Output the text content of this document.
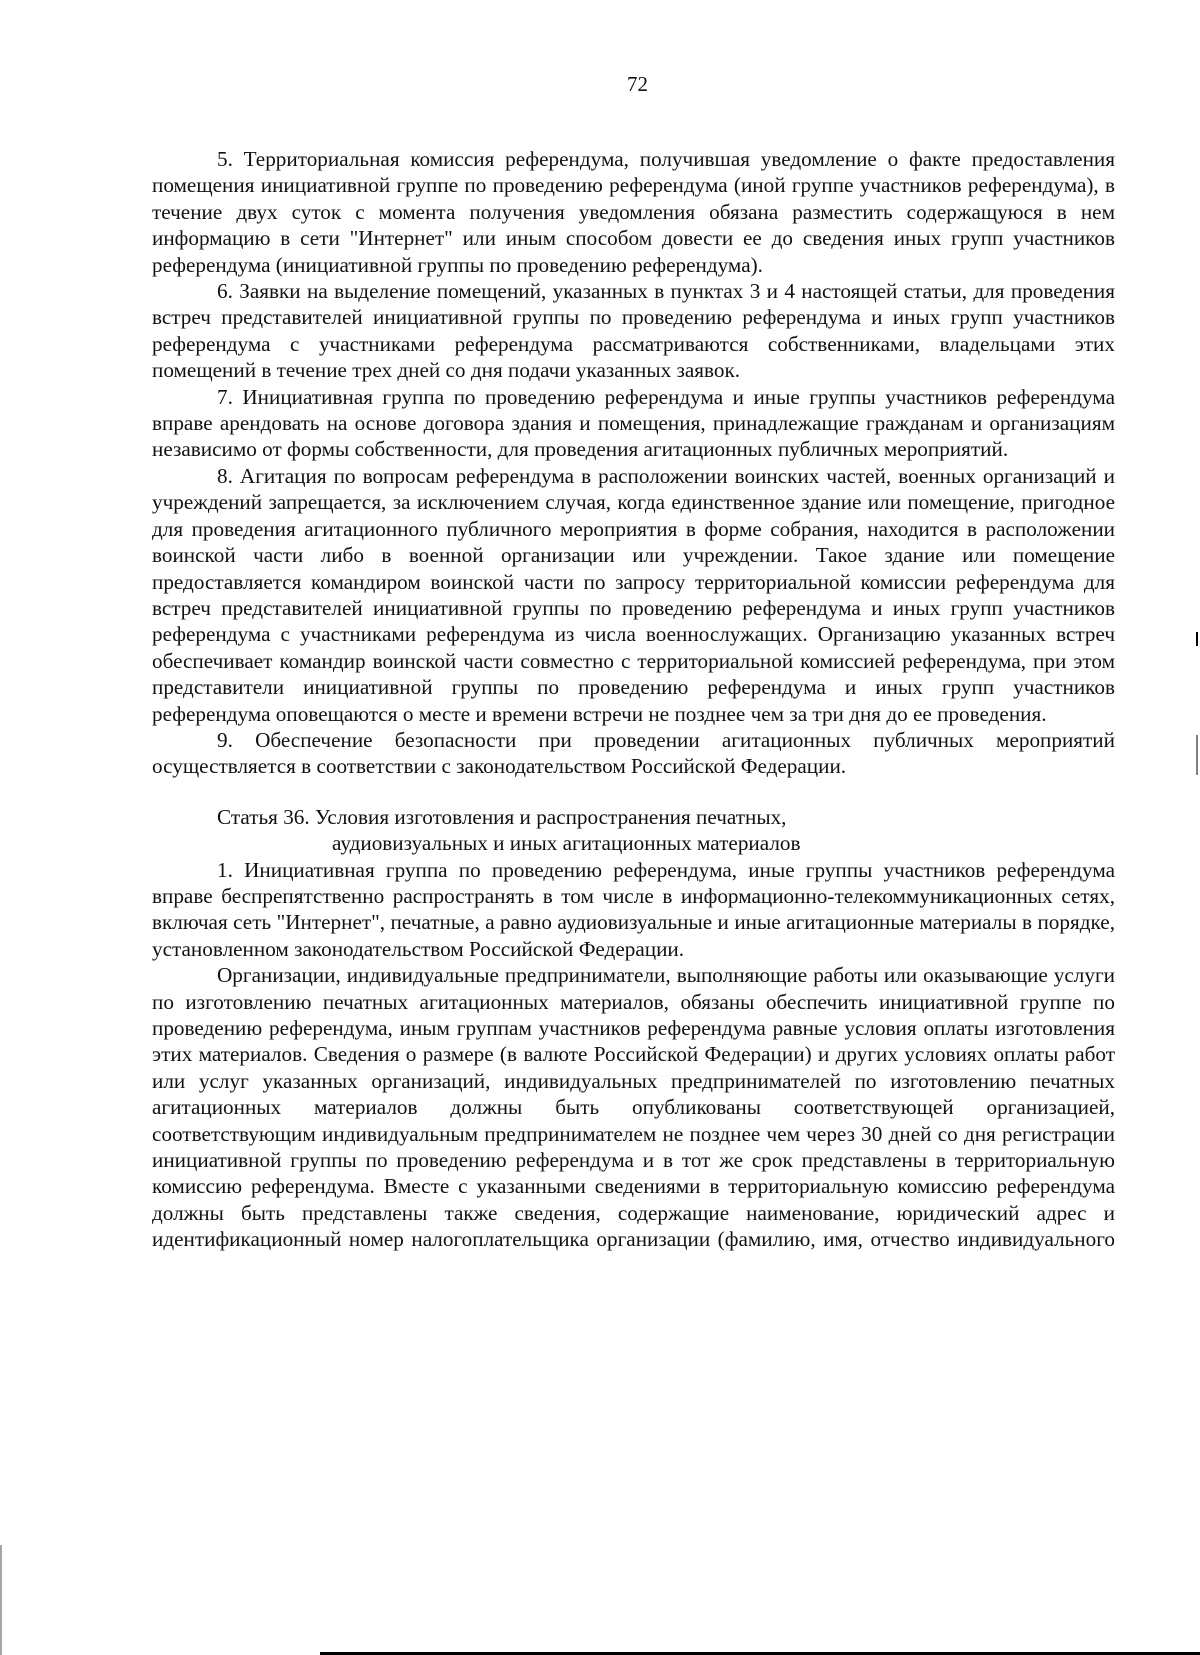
72

5. Территориальная комиссия референдума, получившая уведомление о факте предоставления помещения инициативной группе по проведению референдума (иной группе участников референдума), в течение двух суток с момента получения уведомления обязана разместить содержащуюся в нем информацию в сети "Интернет" или иным способом довести ее до сведения иных групп участников референдума (инициативной группы по проведению референдума).

6. Заявки на выделение помещений, указанных в пунктах 3 и 4 настоящей статьи, для проведения встреч представителей инициативной группы по проведению референдума и иных групп участников референдума с участниками референдума рассматриваются собственниками, владельцами этих помещений в течение трех дней со дня подачи указанных заявок.

7. Инициативная группа по проведению референдума и иные группы участников референдума вправе арендовать на основе договора здания и помещения, принадлежащие гражданам и организациям независимо от формы собственности, для проведения агитационных публичных мероприятий.

8. Агитация по вопросам референдума в расположении воинских частей, военных организаций и учреждений запрещается, за исключением случая, когда единственное здание или помещение, пригодное для проведения агитационного публичного мероприятия в форме собрания, находится в расположении воинской части либо в военной организации или учреждении. Такое здание или помещение предоставляется командиром воинской части по запросу территориальной комиссии референдума для встреч представителей инициативной группы по проведению референдума и иных групп участников референдума с участниками референдума из числа военнослужащих. Организацию указанных встреч обеспечивает командир воинской части совместно с территориальной комиссией референдума, при этом представители инициативной группы по проведению референдума и иных групп участников референдума оповещаются о месте и времени встречи не позднее чем за три дня до ее проведения.

9. Обеспечение безопасности при проведении агитационных публичных мероприятий осуществляется в соответствии с законодательством Российской Федерации.

Статья 36. Условия изготовления и распространения печатных,
аудиовизуальных и иных агитационных материалов

1. Инициативная группа по проведению референдума, иные группы участников референдума вправе беспрепятственно распространять в том числе в информационно-телекоммуникационных сетях, включая сеть "Интернет", печатные, а равно аудиовизуальные и иные агитационные материалы в порядке, установленном законодательством Российской Федерации.

Организации, индивидуальные предприниматели, выполняющие работы или оказывающие услуги по изготовлению печатных агитационных материалов, обязаны обеспечить инициативной группе по проведению референдума, иным группам участников референдума равные условия оплаты изготовления этих материалов. Сведения о размере (в валюте Российской Федерации) и других условиях оплаты работ или услуг указанных организаций, индивидуальных предпринимателей по изготовлению печатных агитационных материалов должны быть опубликованы соответствующей организацией, соответствующим индивидуальным предпринимателем не позднее чем через 30 дней со дня регистрации инициативной группы по проведению референдума и в тот же срок представлены в территориальную комиссию референдума. Вместе с указанными сведениями в территориальную комиссию референдума должны быть представлены также сведения, содержащие наименование, юридический адрес и идентификационный номер налогоплательщика организации (фамилию, имя, отчество индивидуального
